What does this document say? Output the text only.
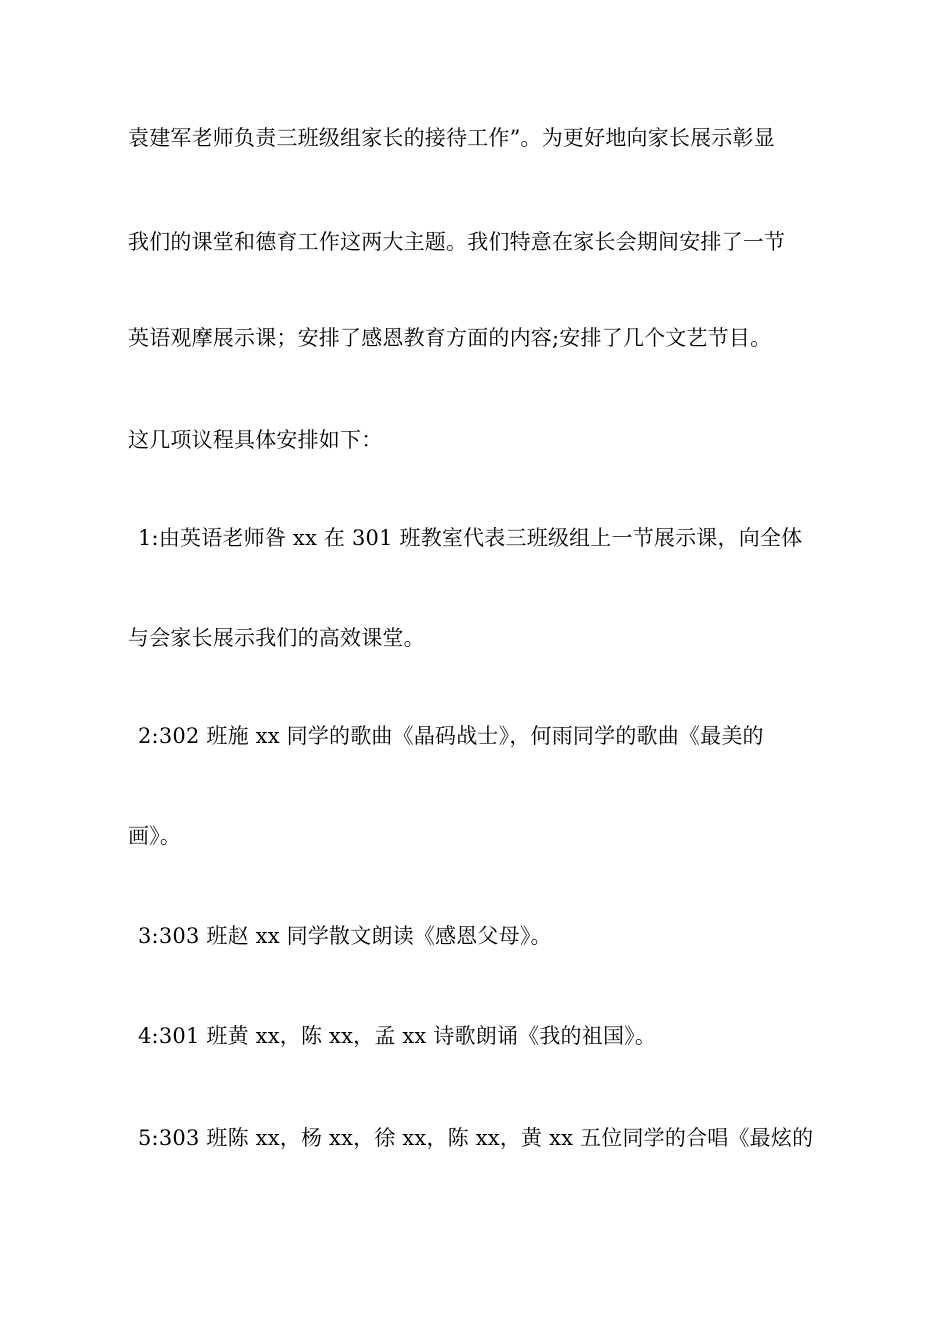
袁建军老师负责三班级组家长的接待工作”。为更好地向家长展示彰显
我们的课堂和德育工作这两大主题。我们特意在家长会期间安排了一节
英语观摩展示课；安排了感恩教育方面的内容;安排了几个文艺节目。
这几项议程具体安排如下：
1:由英语老师昝 xx 在 301 班教室代表三班级组上一节展示课，向全体
与会家长展示我们的高效课堂。
2:302 班施 xx 同学的歌曲《晶码战士》，何雨同学的歌曲《最美的
画》。
3:303 班赵 xx 同学散文朗读《感恩父母》。
4:301 班黄 xx，陈 xx，孟 xx 诗歌朗诵《我的祖国》。
5:303 班陈 xx，杨 xx，徐 xx，陈 xx，黄 xx 五位同学的合唱《最炫的
